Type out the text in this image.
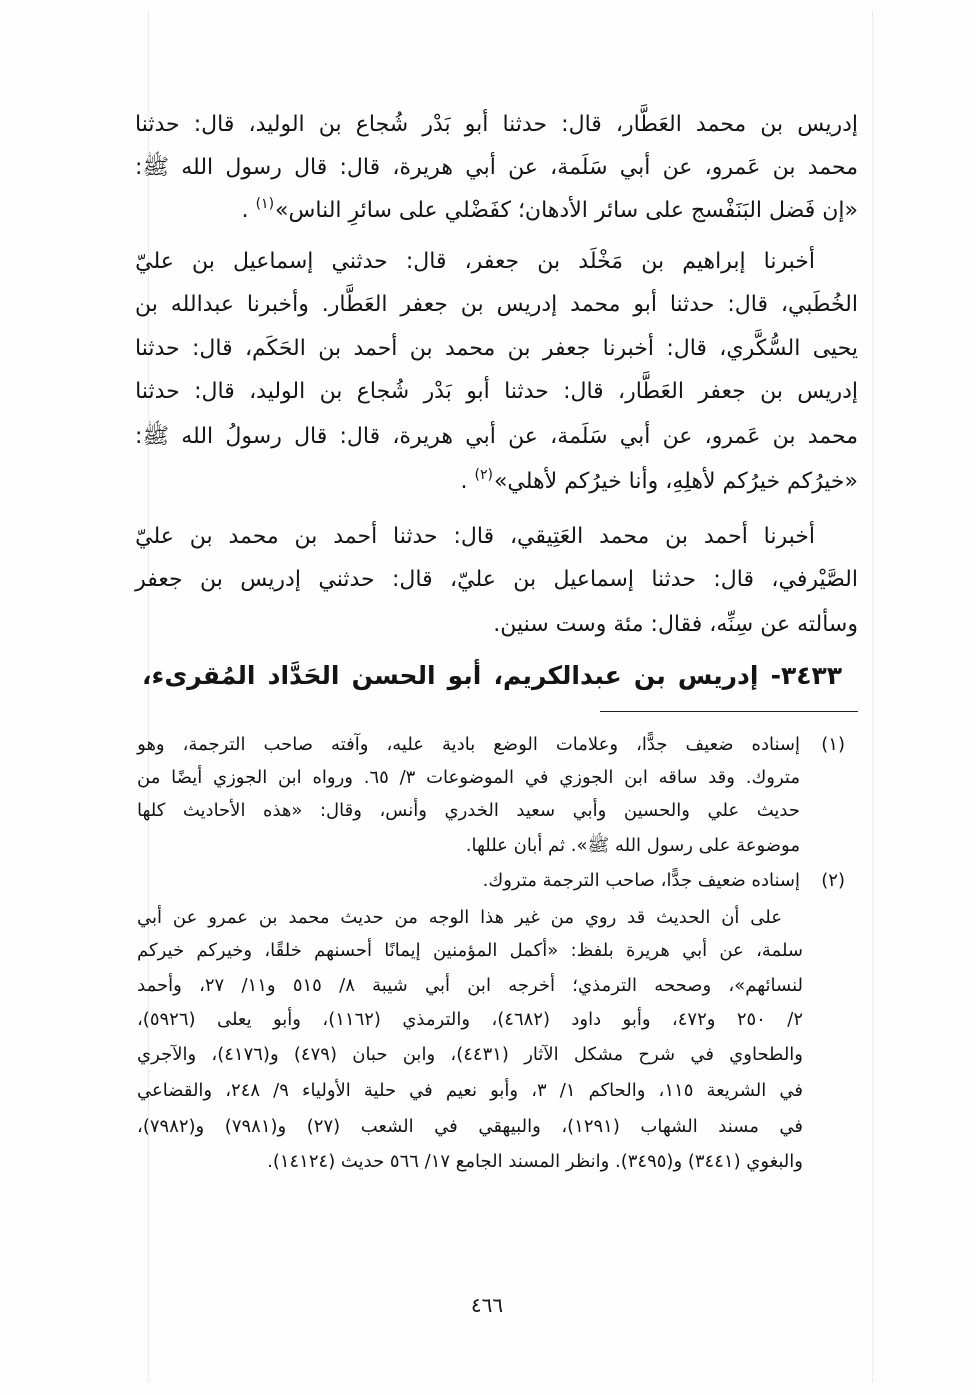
إدريس
بن
محمد
العَطَّار،
قال:
حدثنا
أبو
بَدْر
شُجاع
بن
الوليد،
قال:
حدثنا
محمد
بن
عَمرو،
عن
أبي
سَلَمة،
عن
أبي
هريرة،
قال:
قال
رسول
الله
ﷺ:
«إن فَضل البَنَفْسج على سائر الأدهان؛ كفَضْلي على سائرِ الناس»$^{(١)}$.
أخبرنا
إبراهيم
بن
مَخْلَد
بن
جعفر،
قال:
حدثني
إسماعيل
بن
عليّ
الخُطَبي،
قال:
حدثنا
أبو
محمد
إدريس
بن
جعفر
العَطَّار.
وأخبرنا
عبدالله
بن
يحيى
السُّكَّري،
قال:
أخبرنا
جعفر
بن
محمد
بن
أحمد
بن
الحَكَم،
قال:
حدثنا
إدريس
بن
جعفر
العَطَّار،
قال:
حدثنا
أبو
بَدْر
شُجاع
بن
الوليد،
قال:
حدثنا
محمد
بن
عَمرو،
عن
أبي
سَلَمة،
عن
أبي
هريرة،
قال:
قال
رسولُ
الله
ﷺ:
«خيرُكم خيرُكم لأهلِهِ، وأنا خيرُكم لأهلي»$^{(٢)}$.
أخبرنا
أحمد
بن
محمد
العَتِيقي،
قال:
حدثنا
أحمد
بن
محمد
بن
عليّ
الصَّيْرفي،
قال:
حدثنا
إسماعيل
بن
عليّ،
قال:
حدثني
إدريس
بن
جعفر
وسألته عن سِنِّه، فقال: مئة وست سنين.
٣٤٣٣-
إدريس
بن
عبدالكريم،
أبو
الحسن
الحَدَّاد
المُقرىء،
(١)
إسناده
ضعيف
جدًّا،
وعلامات
الوضع
بادية
عليه،
وآفته
صاحب
الترجمة،
وهو
متروك.
وقد
ساقه
ابن
الجوزي
في
الموضوعات
٣/
٦٥.
ورواه
ابن
الجوزي
أيضًا
من
حديث
علي
والحسين
وأبي
سعيد
الخدري
وأنس،
وقال:
«هذه
الأحاديث
كلها
موضوعة على رسول الله ﷺ». ثم أبان عللها.
(٢)
إسناده ضعيف جدًّا، صاحب الترجمة متروك.
على
أن
الحديث
قد
روي
من
غير
هذا
الوجه
من
حديث
محمد
بن
عمرو
عن
أبي
سلمة،
عن
أبي
هريرة
بلفظ:
«أكمل
المؤمنين
إيمانًا
أحسنهم
خلقًا،
وخيركم
خيركم
لنسائهم»،
وصححه
الترمذي؛
أخرجه
ابن
أبي
شيبة
٨/
٥١٥
و١١/
٢٧،
وأحمد
٢/
٢٥٠
و٤٧٢،
وأبو
داود
(٤٦٨٢)،
والترمذي
(١١٦٢)،
وأبو
يعلى
(٥٩٢٦)،
والطحاوي
في
شرح
مشكل
الآثار
(٤٤٣١)،
وابن
حبان
(٤٧٩)
و(٤١٧٦)،
والآجري
في
الشريعة
١١٥،
والحاكم
١/
٣،
وأبو
نعيم
في
حلية
الأولياء
٩/
٢٤٨،
والقضاعي
في
مسند
الشهاب
(١٢٩١)،
والبيهقي
في
الشعب
(٢٧)
و(٧٩٨١)
و(٧٩٨٢)،
والبغوي (٣٤٤١) و(٣٤٩٥). وانظر المسند الجامع ١٧/ ٥٦٦ حديث (١٤١٢٤).
٤٦٦
